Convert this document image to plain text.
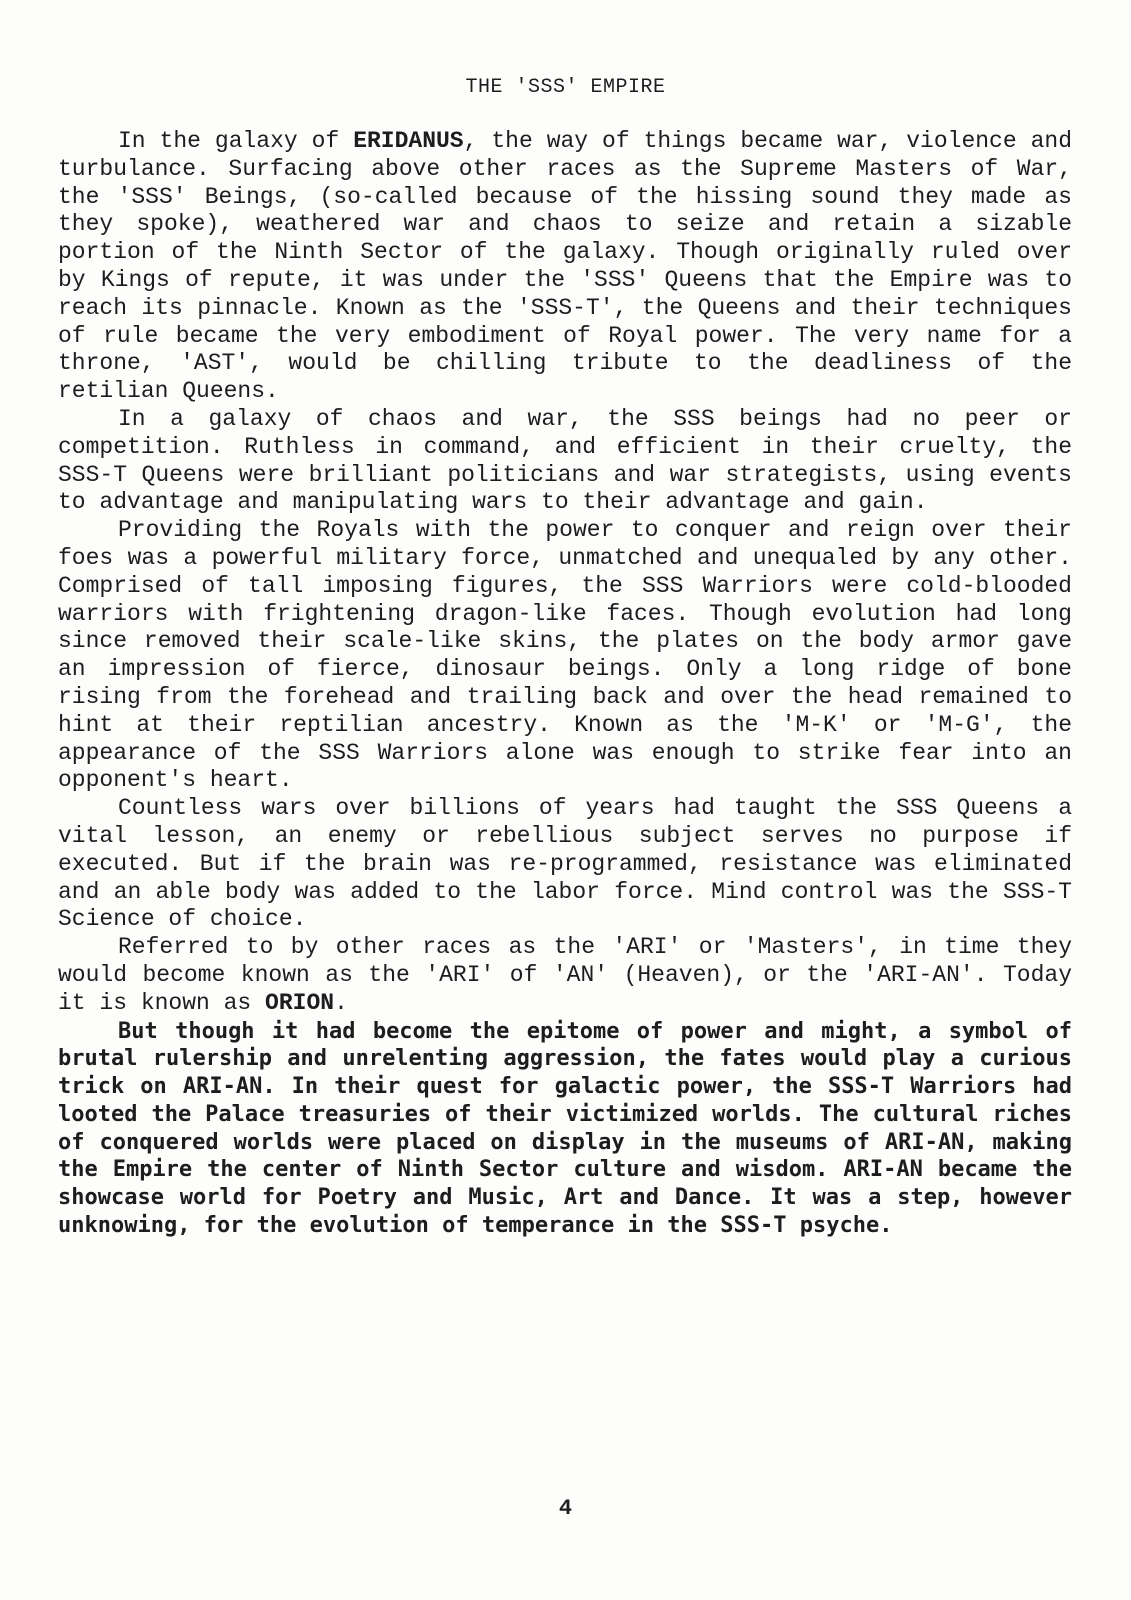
THE 'SSS' EMPIRE

In the galaxy of ERIDANUS, the way of things became war, violence and turbulance. Surfacing above other races as the Supreme Masters of War, the 'SSS' Beings, (so-called because of the hissing sound they made as they spoke), weathered war and chaos to seize and retain a sizable portion of the Ninth Sector of the galaxy. Though originally ruled over by Kings of repute, it was under the 'SSS' Queens that the Empire was to reach its pinnacle. Known as the 'SSS-T', the Queens and their techniques of rule became the very embodiment of Royal power. The very name for a throne, 'AST', would be chilling tribute to the deadliness of the retilian Queens.

In a galaxy of chaos and war, the SSS beings had no peer or competition. Ruthless in command, and efficient in their cruelty, the SSS-T Queens were brilliant politicians and war strategists, using events to advantage and manipulating wars to their advantage and gain.

Providing the Royals with the power to conquer and reign over their foes was a powerful military force, unmatched and unequaled by any other. Comprised of tall imposing figures, the SSS Warriors were cold-blooded warriors with frightening dragon-like faces. Though evolution had long since removed their scale-like skins, the plates on the body armor gave an impression of fierce, dinosaur beings. Only a long ridge of bone rising from the forehead and trailing back and over the head remained to hint at their reptilian ancestry. Known as the 'M-K' or 'M-G', the appearance of the SSS Warriors alone was enough to strike fear into an opponent's heart.

Countless wars over billions of years had taught the SSS Queens a vital lesson, an enemy or rebellious subject serves no purpose if executed. But if the brain was re-programmed, resistance was eliminated and an able body was added to the labor force. Mind control was the SSS-T Science of choice.

Referred to by other races as the 'ARI' or 'Masters', in time they would become known as the 'ARI' of 'AN' (Heaven), or the 'ARI-AN'. Today it is known as ORION.

But though it had become the epitome of power and might, a symbol of brutal rulership and unrelenting aggression, the fates would play a curious trick on ARI-AN. In their quest for galactic power, the SSS-T Warriors had looted the Palace treasuries of their victimized worlds. The cultural riches of conquered worlds were placed on display in the museums of ARI-AN, making the Empire the center of Ninth Sector culture and wisdom. ARI-AN became the showcase world for Poetry and Music, Art and Dance. It was a step, however unknowing, for the evolution of temperance in the SSS-T psyche.

4
